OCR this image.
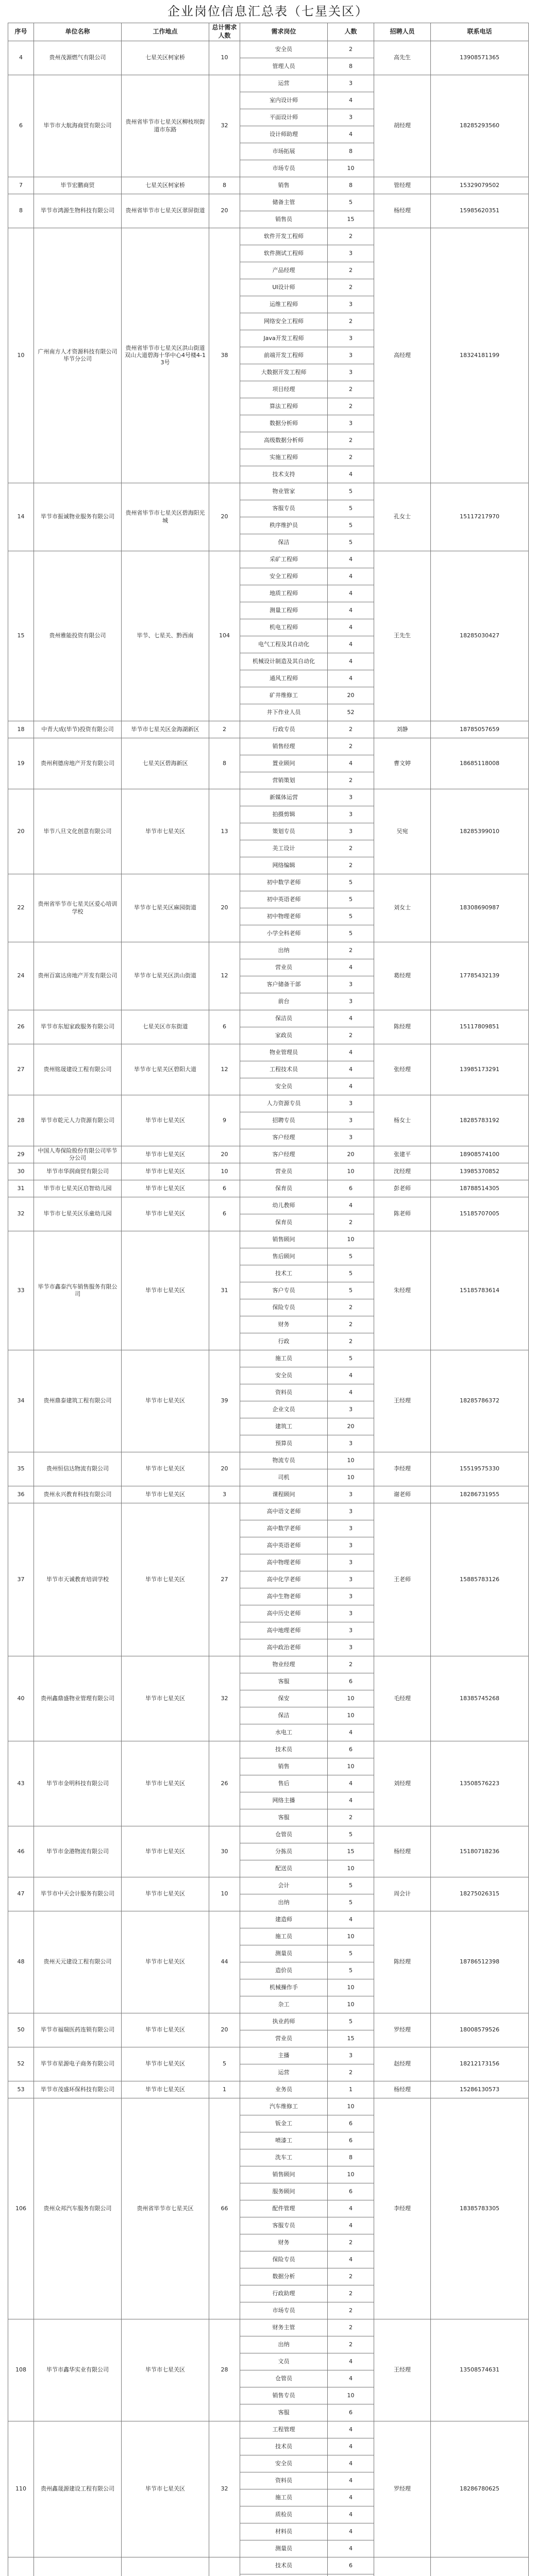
企业岗位信息汇总表（七星关区）
序号	单位名称	工作地点	总计需求人数	需求岗位	人数	招聘人员	联系电话
4	贵州茂源燃气有限公司	七星关区柯家桥	10	安全员	2	高先生	13908571365
				管理人员	8		
6	毕节市大航海商贸有限公司	贵州省毕节市七星关区柳枝坝街道市东路	32	运营	3	胡经理	18285293560
				室内设计师	4		
				平面设计师	3		
				设计师助理	4		
				市场拓展	8		
				市场专员	10		
7	毕节宏鹏商贸	七星关区柯家桥	8	销售	8	管经理	15329079502
8	毕节市鸿源生物科技有限公司	贵州省毕节市七星关区翠屏街道	20	储备主管	5	杨经理	15985620351
				销售员	15		
10	广州南方人才资源科技有限公司毕节分公司	贵州省毕节市七星关区洪山街道双山大道碧海十华中心4号楼4-13号	38	软件开发工程师	2	高经理	18324181199
				软件测试工程师	3		
				产品经理	2		
				UI设计师	2		
				运维工程师	3		
				网络安全工程师	2		
				Java开发工程师	3		
				前端开发工程师	3		
				大数据开发工程师	3		
				项目经理	2		
				算法工程师	2		
				数据分析师	3		
				高级数据分析师	2		
				实施工程师	2		
				技术支持	4		
14	毕节市振诚物业服务有限公司	贵州省毕节市七星关区碧海阳光城	20	物业管家	5	孔女士	15117217970
				客服专员	5		
				秩序维护员	5		
				保洁	5		
15	贵州雅能投资有限公司	毕节、七星关、黔西南	104	采矿工程师	4	王先生	18285030427
				安全工程师	4		
				地质工程师	4		
				测量工程师	4		
				机电工程师	4		
				电气工程及其自动化	4		
				机械设计制造及其自动化	4		
				通风工程师	4		
				矿井维修工	20		
				井下作业人员	52		
18	中青大成(毕节)投资有限公司	毕节市七星关区金海湖新区	2	行政专员	2	刘静	18785057659
19	贵州利德房地产开发有限公司	七星关区碧海新区	8	销售经理	2	曹文婷	18685118008
				置业顾问	4		
				营销策划	2		
20	毕节八旦文化创意有限公司	毕节市七星关区	13	新媒体运营	3	吴宛	18285399010
				拍摄剪辑	3		
				策划专员	3		
				美工设计	2		
				网络编辑	2		
22	贵州省毕节市七星关区爱心培训学校	毕节市七星关区麻园街道	20	初中数学老师	5	刘女士	18308690987
				初中英语老师	5		
				初中物理老师	5		
				小学全科老师	5		
24	贵州百富达房地产开发有限公司	毕节市七星关区洪山街道	12	出纳	2	葛经理	17785432139
				营业员	4		
				客户储备干部	3		
				前台	3		
26	毕节市东旭家政服务有限公司	七星关区市东街道	6	保洁员	4	陈经理	15117809851
				家政员	2		
27	贵州铭晟建设工程有限公司	毕节市七星关区碧阳大道	12	物业管理员	4	张经理	13985173291
				工程技术员	4		
				安全员	4		
28	毕节市乾元人力资源有限公司	毕节市七星关区	9	人力资源专员	3	杨女士	18285783192
				招聘专员	3		
				客户经理	3		
29	中国人寿保险股份有限公司毕节分公司	毕节市七星关区	20	客户经理	20	张建平	18908574100
30	毕节市华润商贸有限公司	毕节市七星关区	10	营业员	10	沈经理	13985370852
31	毕节市七星关区启智幼儿园	毕节市七星关区	6	保育员	6	彭老师	18788514305
32	毕节市七星关区乐童幼儿园	毕节市七星关区	6	幼儿教师	4	陈老师	15185707005
				保育员	2		
33	毕节市鑫泰汽车销售服务有限公司	毕节市七星关区	31	销售顾问	10	朱经理	15185783614
				售后顾问	5		
				技术工	5		
				客户专员	5		
				保险专员	2		
				财务	2		
				行政	2		
34	贵州鼎泰建筑工程有限公司	毕节市七星关区	39	施工员	5	王经理	18285786372
				安全员	4		
				资料员	4		
				企业文员	3		
				建筑工	20		
				预算员	3		
35	贵州恒信达物流有限公司	毕节市七星关区	20	物流专员	10	李经理	15519575330
				司机	10		
36	贵州永兴教育科技有限公司	毕节市七星关区	3	课程顾问	3	谢老师	18286731955
37	毕节市天诚教育培训学校	毕节市七星关区	27	高中语文老师	3	王老师	15885783126
				高中数学老师	3		
				高中英语老师	3		
				高中物理老师	3		
				高中化学老师	3		
				高中生物老师	3		
				高中历史老师	3		
				高中地理老师	3		
				高中政治老师	3		
40	贵州鑫鼎盛物业管理有限公司	毕节市七星关区	32	物业经理	2	毛经理	18385745268
				客服	6		
				保安	10		
				保洁	10		
				水电工	4		
43	毕节市金明科技有限公司	毕节市七星关区	26	技术员	6	刘经理	13508576223
				销售	10		
				售后	4		
				网络主播	4		
				客服	2		
46	毕节市金港物流有限公司	毕节市七星关区	30	仓管员	5	杨经理	15180718236
				分拣员	15		
				配送员	10		
47	毕节市中天会计服务有限公司	毕节市七星关区	10	会计	5	周会计	18275026315
				出纳	5		
48	贵州天元建设工程有限公司	毕节市七星关区	44	建造师	4	陈经理	18786512398
				施工员	10		
				测量员	5		
				造价员	5		
				机械操作手	10		
				杂工	10		
50	毕节市福瑞医药连锁有限公司	毕节市七星关区	20	执业药师	5	罗经理	18008579526
				营业员	15		
52	毕节市星源电子商务有限公司	毕节市七星关区	5	主播	3	赵经理	18212173156
				运营	2		
53	毕节市茂盛环保科技有限公司	毕节市七星关区	1	业务员	1	杨经理	15286130573
106	贵州众邦汽车服务有限公司	贵州省毕节市七星关区	66	汽车维修工	10	李经理	18385783305
				钣金工	6		
				喷漆工	6		
				洗车工	8		
				销售顾问	10		
				服务顾问	6		
				配件管理	4		
				客服专员	4		
				财务	2		
				保险专员	4		
				数据分析	2		
				行政助理	2		
				市场专员	2		
108	毕节市鑫华实业有限公司	毕节市七星关区	28	财务主管	2	王经理	13508574631
				出纳	2		
				文员	4		
				仓管员	4		
				销售专员	10		
				客服	6		
110	贵州鑫晟源建设工程有限公司	毕节市七星关区	32	工程管理	4	罗经理	18286780625
				技术员	4		
				安全员	4		
				资料员	4		
				施工员	4		
				质检员	4		
				材料员	4		
				测量员	4		
				技术员	6		
